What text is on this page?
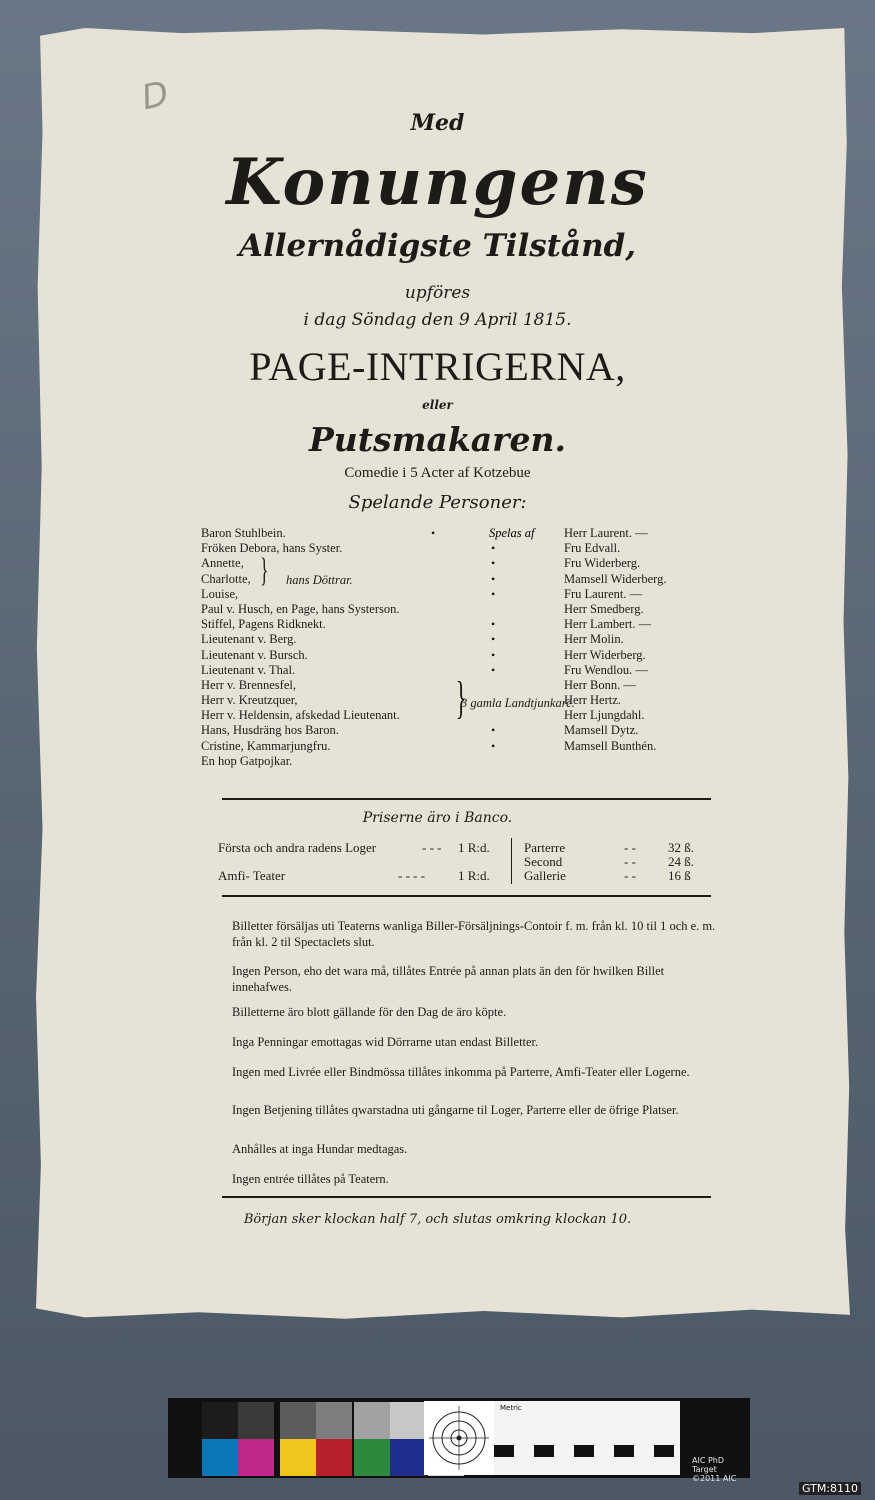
D
Med
Konungens
Allernådigste Tilstånd,
upföres
i dag Söndag den 9 April 1815.
PAGE-INTRIGERNA,
eller
Putsmakaren.
Comedie i 5 Acter af Kotzebue
Spelande Personer:
Baron Stuhlbein.	•	Herr Laurent. —
Fröken Debora, hans Syster.	•	Fru Edvall.
Annette,	•	Fru Widerberg.
Charlotte,	•	Mamsell Widerberg.
Louise,	•	Fru Laurent. —
Paul v. Husch, en Page, hans Systerson.	Herr Smedberg.
Stiffel, Pagens Ridknekt.	•	Herr Lambert. —
Lieutenant v. Berg.	•	Herr Molin.
Lieutenant v. Bursch.	•	Herr Widerberg.
Lieutenant v. Thal.	•	Fru Wendlou. —
Herr v. Brennesfel,	Herr Bonn. —
Herr v. Kreutzquer,	Herr Hertz.
Herr v. Heldensin, afskedad Lieutenant.	Herr Ljungdahl.
Hans, Husdräng hos Baron.	•	Mamsell Dytz.
Cristine, Kammarjungfru.	•	Mamsell Bunthén.
En hop Gatpojkar.
Spelas af
} hans Döttrar.
}
3 gamla Landtjunkare.
Priserne äro i Banco.
Första och andra radens Loger	- - - 1 R:d.
Amfi- Teater	- - - -	1 R:d.
Parterre	- - 32 ß.
Second	- - 24 ß.
Gallerie	- - 16 ß
Billetter försäljas uti Teaterns wanliga Biller-Försäljnings-Contoir f. m. från kl. 10 til 1 och e. m. från kl. 2 til Spectaclets slut.
Ingen Person, eho det wara må, tillåtes Entrée på annan plats än den för hwilken Billet innehafwes.
Billetterne äro blott gällande för den Dag de äro köpte.
Inga Penningar emottagas wid Dörrarne utan endast Billetter.
Ingen med Livrée eller Bindmössa tillåtes inkomma på Parterre, Amfi-Teater eller Logerne.
Ingen Betjening tillåtes qwarstadna uti gångarne til Loger, Parterre eller de öfrige Platser.
Anhålles at inga Hundar medtagas.
Ingen entrée tillåtes på Teatern.
Början sker klockan half 7, och slutas omkring klockan 10.
Metric
AIC PhD Target
©2011 AIC
GTM:8110
